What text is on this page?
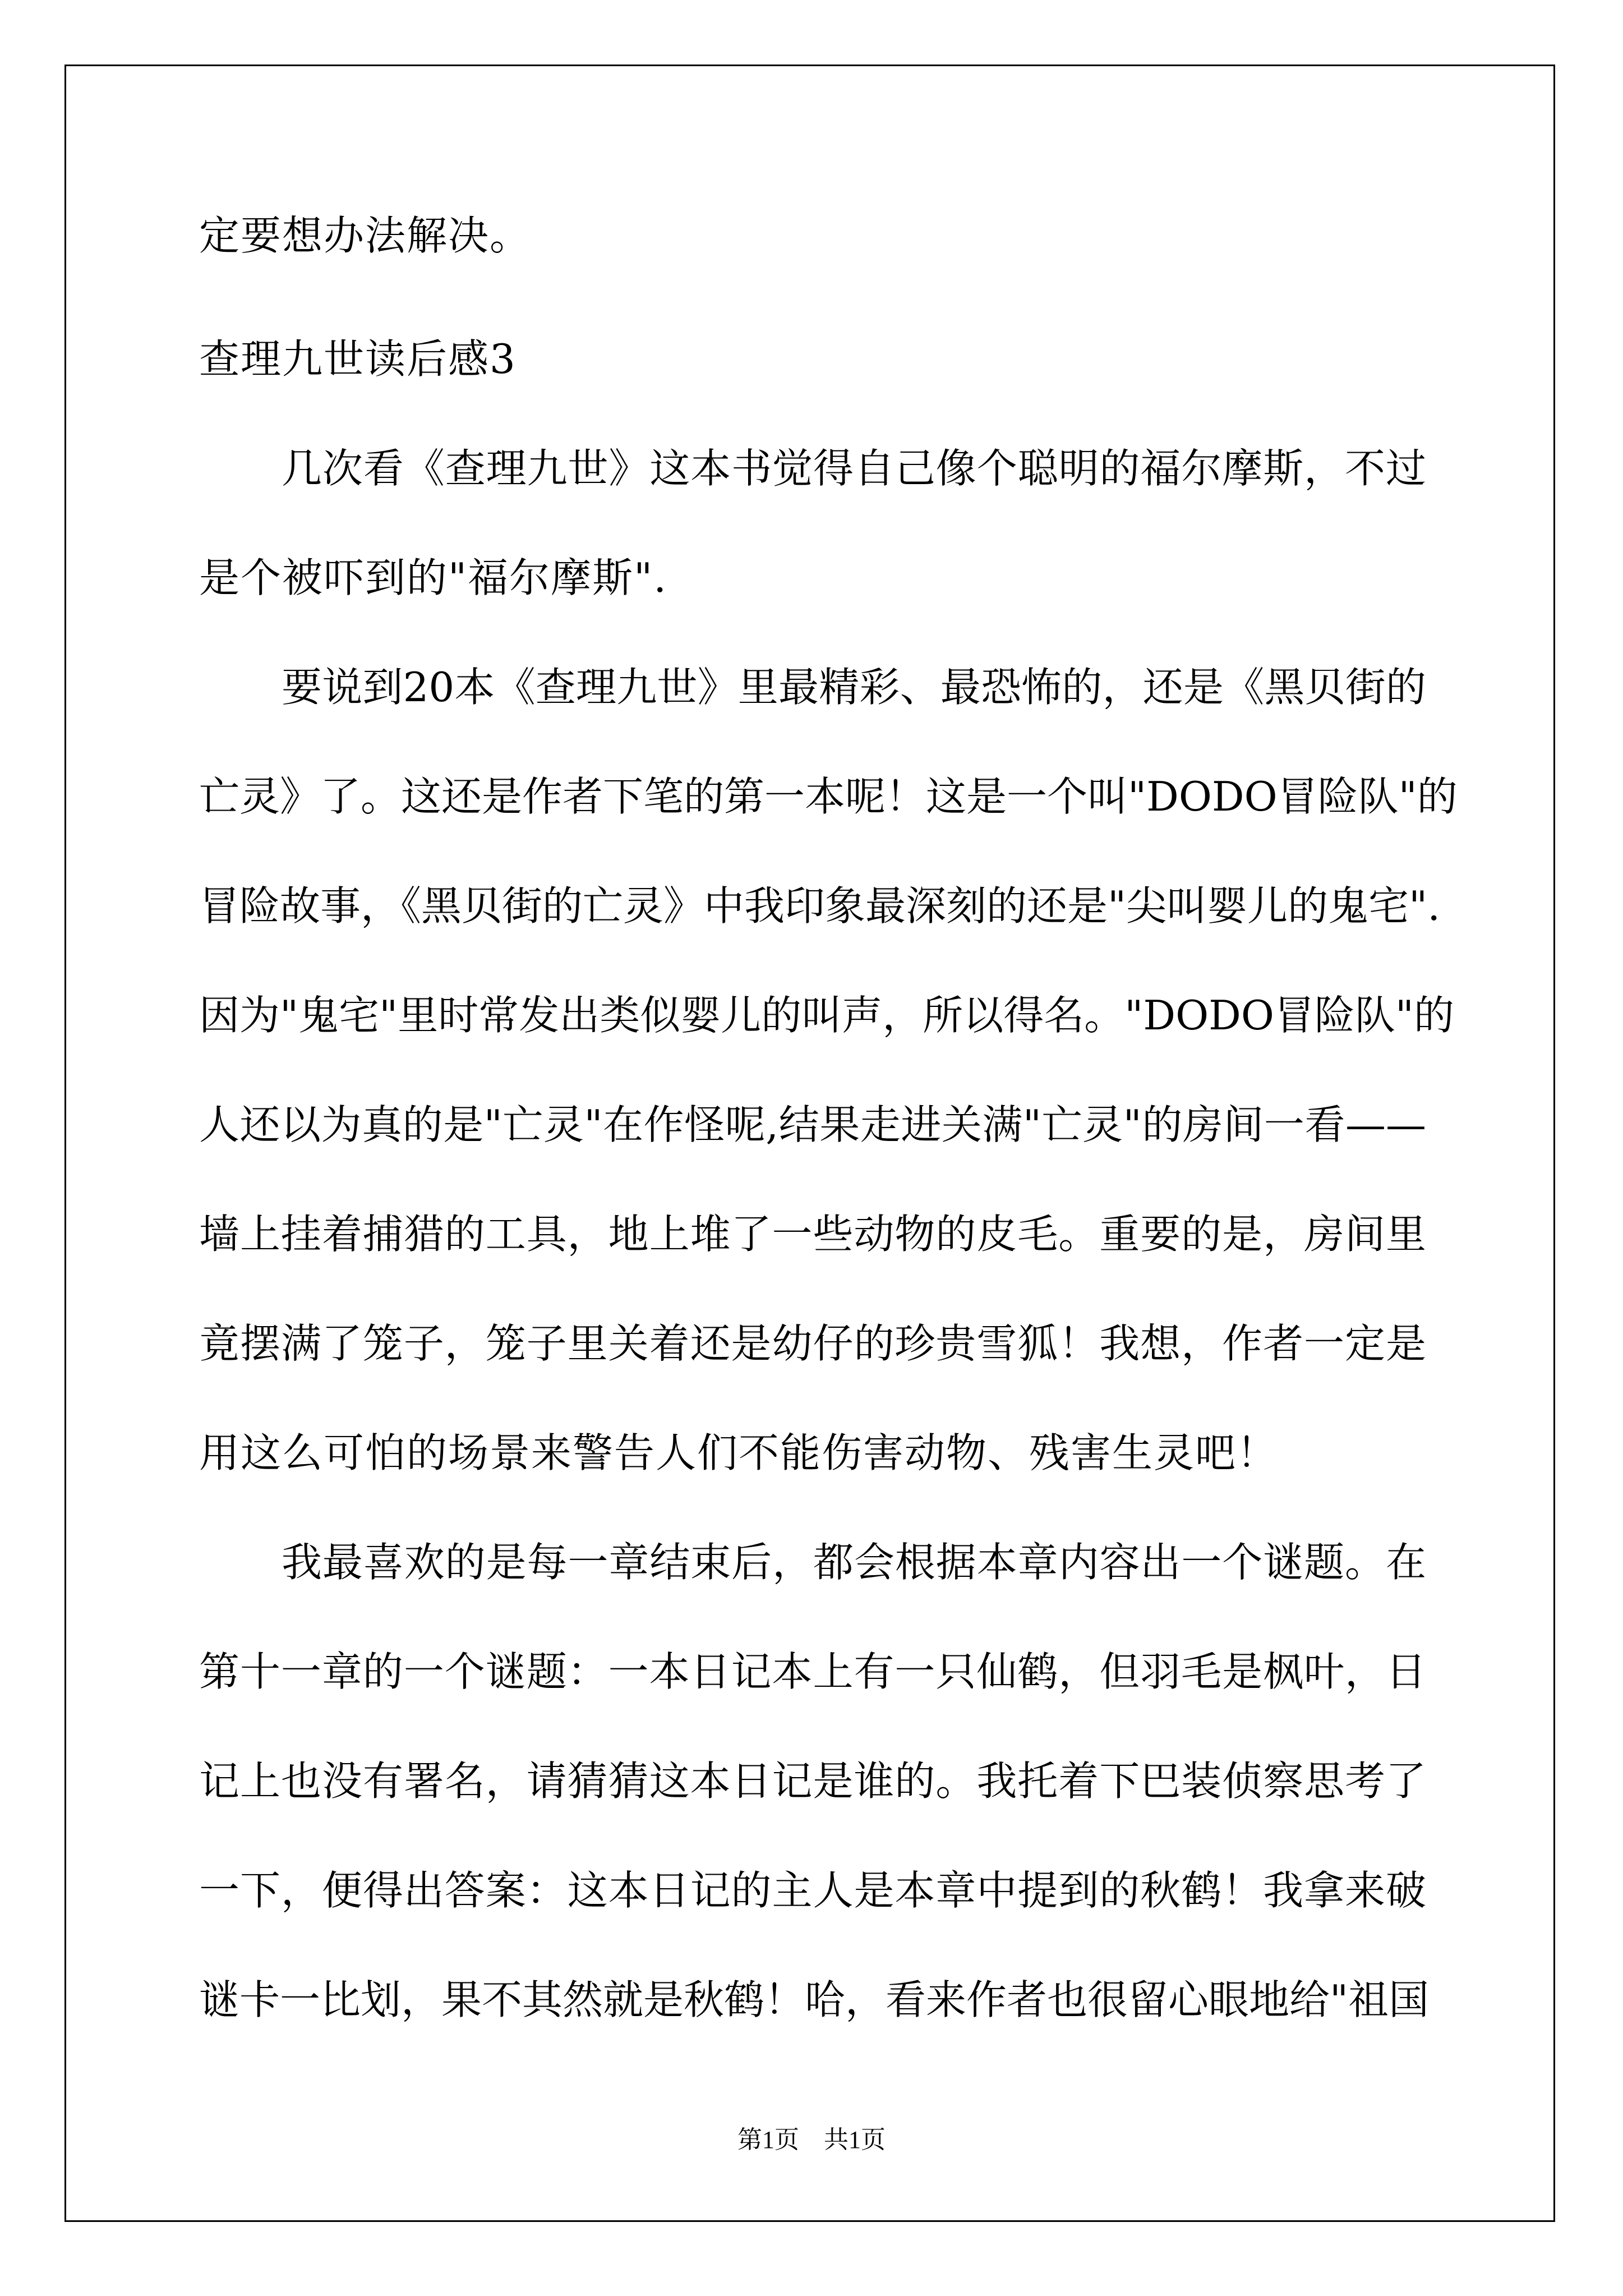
定要想办法解决。
查理九世读后感3
几次看《查理九世》这本书觉得自己像个聪明的福尔摩斯，不过
是个被吓到的"福尔摩斯".
要说到20本《查理九世》里最精彩、最恐怖的，还是《黑贝街的
亡灵》了。这还是作者下笔的第一本呢！这是一个叫"DODO冒险队"的
冒险故事，《黑贝街的亡灵》中我印象最深刻的还是"尖叫婴儿的鬼宅".
因为"鬼宅"里时常发出类似婴儿的叫声，所以得名。"DODO冒险队"的
人还以为真的是"亡灵"在作怪呢,结果走进关满"亡灵"的房间一看——
墙上挂着捕猎的工具，地上堆了一些动物的皮毛。重要的是，房间里
竟摆满了笼子，笼子里关着还是幼仔的珍贵雪狐！我想，作者一定是
用这么可怕的场景来警告人们不能伤害动物、残害生灵吧！
我最喜欢的是每一章结束后，都会根据本章内容出一个谜题。在
第十一章的一个谜题：一本日记本上有一只仙鹤，但羽毛是枫叶，日
记上也没有署名，请猜猜这本日记是谁的。我托着下巴装侦察思考了
一下，便得出答案：这本日记的主人是本章中提到的秋鹤！我拿来破
谜卡一比划，果不其然就是秋鹤！哈，看来作者也很留心眼地给"祖国
第1页　共1页
